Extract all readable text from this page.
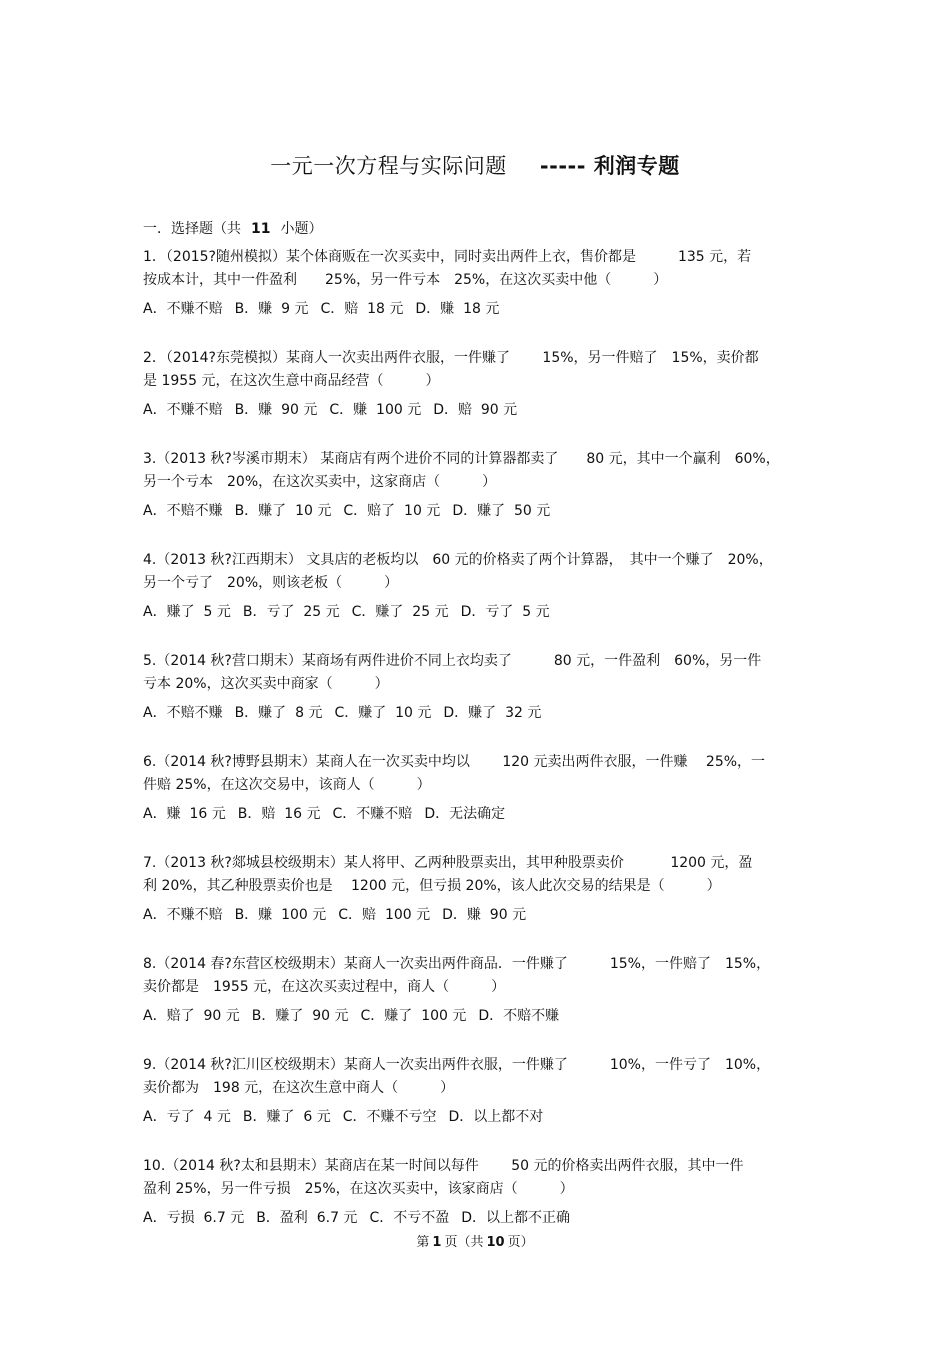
一元一次方程与实际问题 ----- 利润专题
一．选择题（共 11 小题）
1．（2015?随州模拟）某个体商贩在一次买卖中，同时卖出两件上衣，售价都是　　　135 元，若
按成本计，其中一件盈利　　25%，另一件亏本　25%，在这次买卖中他（　　　）
A．不赚不赔 B．赚  9 元 C．赔  18 元 D．赚  18 元
2．（2014?东莞模拟）某商人一次卖出两件衣服，一件赚了　　 15%，另一件赔了　15%，卖价都
是 1955 元，在这次生意中商品经营（　　　）
A．不赚不赔 B．赚  90 元 C．赚  100 元 D．赔  90 元
3.（2013 秋?岑溪市期末） 某商店有两个进价不同的计算器都卖了　　80 元，其中一个赢利　60%，
另一个亏本　20%，在这次买卖中，这家商店（　　　）
A．不赔不赚 B．赚了  10 元 C．赔了  10 元 D．赚了  50 元
4.（2013 秋?江西期末） 文具店的老板均以　60 元的价格卖了两个计算器，　其中一个赚了　20%，
另一个亏了　20%，则该老板（　　　）
A．赚了  5 元 B．亏了  25 元 C．赚了  25 元 D．亏了  5 元
5.（2014 秋?营口期末）某商场有两件进价不同上衣均卖了　　　80 元，一件盈利　60%，另一件
亏本 20%，这次买卖中商家（　　　）
A．不赔不赚 B．赚了  8 元 C．赚了  10 元 D．赚了  32 元
6.（2014 秋?博野县期末）某商人在一次买卖中均以　　 120 元卖出两件衣服，一件赚　 25%，一
件赔 25%，在这次交易中，该商人（　　　）
A．赚  16 元 B．赔  16 元 C．不赚不赔 D．无法确定
7.（2013 秋?郯城县校级期末）某人将甲、乙两种股票卖出，其甲种股票卖价　　　 1200 元，盈
利 20%，其乙种股票卖价也是　 1200 元，但亏损 20%，该人此次交易的结果是（　　　）
A．不赚不赔 B．赚  100 元 C．赔  100 元 D．赚  90 元
8.（2014 春?东营区校级期末）某商人一次卖出两件商品．一件赚了　　　15%，一件赔了　15%，
卖价都是　1955 元，在这次买卖过程中，商人（　　　）
A．赔了  90 元 B．赚了  90 元 C．赚了  100 元 D．不赔不赚
9.（2014 秋?汇川区校级期末）某商人一次卖出两件衣服，一件赚了　　　10%，一件亏了　10%，
卖价都为　198 元，在这次生意中商人（　　　）
A．亏了  4 元 B．赚了  6 元 C．不赚不亏空 D．以上都不对
10.（2014 秋?太和县期末）某商店在某一时间以每件　　 50 元的价格卖出两件衣服，其中一件
盈利 25%，另一件亏损　25%，在这次买卖中，该家商店（　　　）
A．亏损  6.7 元 B．盈利  6.7 元 C．不亏不盈 D．以上都不正确
第 1 页（共 10 页）
